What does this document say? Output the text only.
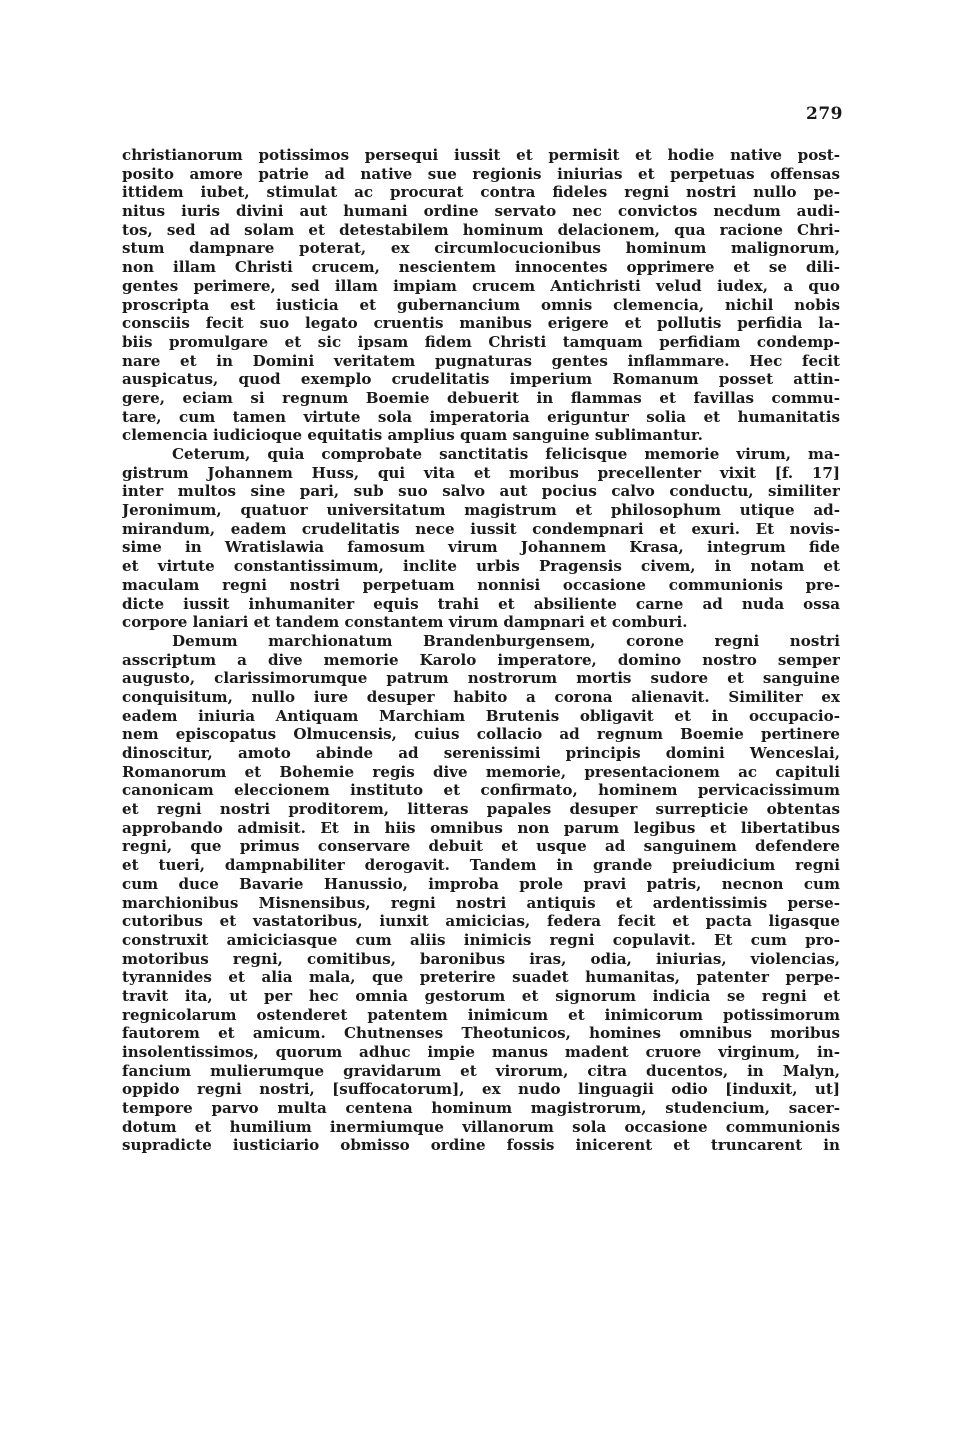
279
christianorum potissimos persequi iussit et permisit et hodie native post-
posito amore patrie ad native sue regionis iniurias et perpetuas offensas
ittidem iubet, stimulat ac procurat contra fideles regni nostri nullo pe-
nitus iuris divini aut humani ordine servato nec convictos necdum audi-
tos, sed ad solam et detestabilem hominum delacionem, qua racione Chri-
stum dampnare poterat, ex circumlocucionibus hominum malignorum,
non illam Christi crucem, nescientem innocentes opprimere et se dili-
gentes perimere, sed illam impiam crucem Antichristi velud iudex, a quo
proscripta est iusticia et gubernancium omnis clemencia, nichil nobis
consciis fecit suo legato cruentis manibus erigere et pollutis perfidia la-
biis promulgare et sic ipsam fidem Christi tamquam perfidiam condemp-
nare et in Domini veritatem pugnaturas gentes inflammare. Hec fecit
auspicatus, quod exemplo crudelitatis imperium Romanum posset attin-
gere, eciam si regnum Boemie debuerit in flammas et favillas commu-
tare, cum tamen virtute sola imperatoria eriguntur solia et humanitatis
clemencia iudicioque equitatis amplius quam sanguine sublimantur.
Ceterum, quia comprobate sanctitatis felicisque memorie virum, ma-
gistrum Johannem Huss, qui vita et moribus precellenter vixit [f. 17]
inter multos sine pari, sub suo salvo aut pocius calvo conductu, similiter
Jeronimum, quatuor universitatum magistrum et philosophum utique ad-
mirandum, eadem crudelitatis nece iussit condempnari et exuri. Et novis-
sime in Wratislawia famosum virum Johannem Krasa, integrum fide
et virtute constantissimum, inclite urbis Pragensis civem, in notam et
maculam regni nostri perpetuam nonnisi occasione communionis pre-
dicte iussit inhumaniter equis trahi et absiliente carne ad nuda ossa
corpore laniari et tandem constantem virum dampnari et comburi.
Demum marchionatum Brandenburgensem, corone regni nostri
asscriptum a dive memorie Karolo imperatore, domino nostro semper
augusto, clarissimorumque patrum nostrorum mortis sudore et sanguine
conquisitum, nullo iure desuper habito a corona alienavit. Similiter ex
eadem iniuria Antiquam Marchiam Brutenis obligavit et in occupacio-
nem episcopatus Olmucensis, cuius collacio ad regnum Boemie pertinere
dinoscitur, amoto abinde ad serenissimi principis domini Wenceslai,
Romanorum et Bohemie regis dive memorie, presentacionem ac capituli
canonicam eleccionem instituto et confirmato, hominem pervicacissimum
et regni nostri proditorem, litteras papales desuper surrepticie obtentas
approbando admisit. Et in hiis omnibus non parum legibus et libertatibus
regni, que primus conservare debuit et usque ad sanguinem defendere
et tueri, dampnabiliter derogavit. Tandem in grande preiudicium regni
cum duce Bavarie Hanussio, improba prole pravi patris, necnon cum
marchionibus Misnensibus, regni nostri antiquis et ardentissimis perse-
cutoribus et vastatoribus, iunxit amicicias, federa fecit et pacta ligasque
construxit amiciciasque cum aliis inimicis regni copulavit. Et cum pro-
motoribus regni, comitibus, baronibus iras, odia, iniurias, violencias,
tyrannides et alia mala, que preterire suadet humanitas, patenter perpe-
travit ita, ut per hec omnia gestorum et signorum indicia se regni et
regnicolarum ostenderet patentem inimicum et inimicorum potissimorum
fautorem et amicum. Chutnenses Theotunicos, homines omnibus moribus
insolentissimos, quorum adhuc impie manus madent cruore virginum, in-
fancium mulierumque gravidarum et virorum, citra ducentos, in Malyn,
oppido regni nostri, [suffocatorum], ex nudo linguagii odio [induxit, ut]
tempore parvo multa centena hominum magistrorum, studencium, sacer-
dotum et humilium inermiumque villanorum sola occasione communionis
supradicte iusticiario obmisso ordine fossis inicerent et truncarent in
